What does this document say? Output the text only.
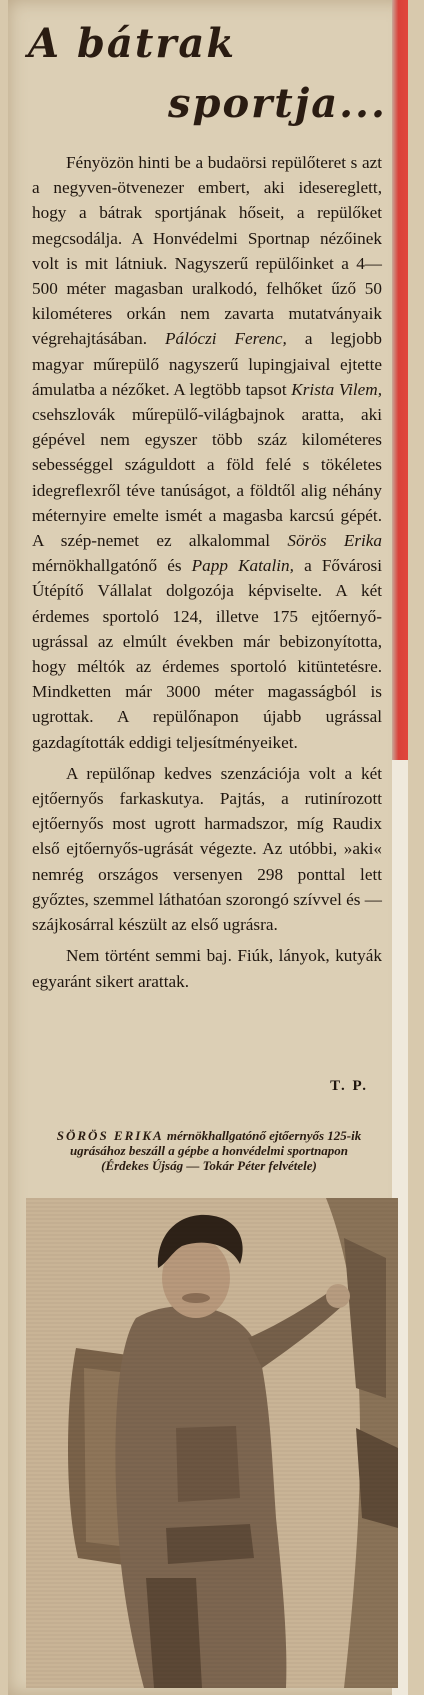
A bátrak
sportja...

Fényözön hinti be a budaörsi repülőteret s azt a negyven-ötvenezer embert, aki idesereglett, hogy a bátrak sportjának hőseit, a repülőket megcsodálja. A Honvédelmi Sportnap nézőinek volt is mit látniuk. Nagyszerű repülőinket a 4—500 méter magasban uralkodó, felhőket űző 50 kilométeres orkán nem zavarta mutatványaik végrehajtásában. Pálóczi Ferenc, a legjobb magyar műrepülő nagyszerű lupingjaival ejtette ámulatba a nézőket. A legtöbb tapsot Krista Vilem, csehszlovák műrepülő-világbajnok aratta, aki gépével nem egyszer több száz kilométeres sebességgel száguldott a föld felé s tökéletes idegreflexről téve tanúságot, a földtől alig néhány méternyire emelte ismét a magasba karcsú gépét. A szép-nemet ez alkalommal Sörös Erika mérnökhallgatónő és Papp Katalin, a Fővárosi Útépítő Vállalat dolgozója képviselte. A két érdemes sportoló 124, illetve 175 ejtőernyő-ugrással az elmúlt években már bebizonyította, hogy méltók az érdemes sportoló kitüntetésre. Mindketten már 3000 méter magasságból is ugrottak. A repülőnapon újabb ugrással gazdagították eddigi teljesítményeiket.

A repülőnap kedves szenzációja volt a két ejtőernyős farkaskutya. Pajtás, a rutinírozott ejtőernyős most ugrott harmadszor, míg Raudix első ejtőernyős-ugrását végezte. Az utóbbi, »aki« nemrég országos versenyen 298 ponttal lett győztes, szemmel láthatóan szorongó szívvel és — szájkosárral készült az első ugrásra.

Nem történt semmi baj. Fiúk, lányok, kutyák egyaránt sikert arattak.

T. P.
SÖRÖS ERIKA mérnökhallgatónő ejtőernyős 125-ik ugrásához beszáll a gépbe a honvédelmi sportnapon
(Érdekes Újság — Tokár Péter felvétele)
